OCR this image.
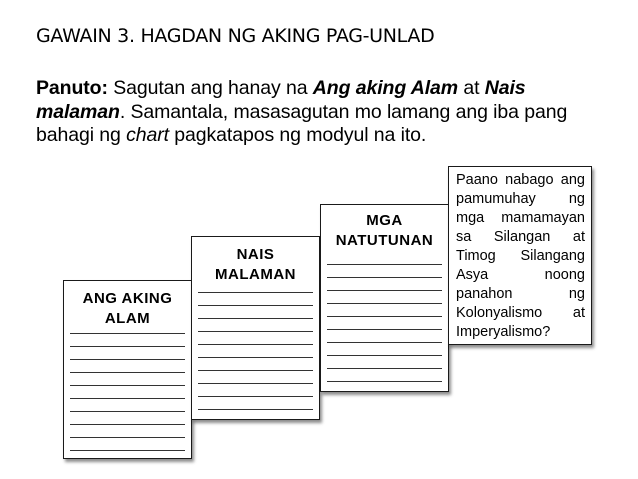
GAWAIN 3. HAGDAN NG AKING PAG-UNLAD
Panuto: Sagutan ang hanay na Ang aking Alam at Nais malaman. Samantala, masasagutan mo lamang ang iba pang bahagi ng chart pagkatapos ng modyul na ito.
ANG AKING
ALAM
NAIS
MALAMAN
MGA
NATUTUNAN
Paano nabago ang pamumuhay ng mga mamamayan sa Silangan at Timog Silangang Asya noong panahon ng Kolonyalismo at Imperyalismo?
